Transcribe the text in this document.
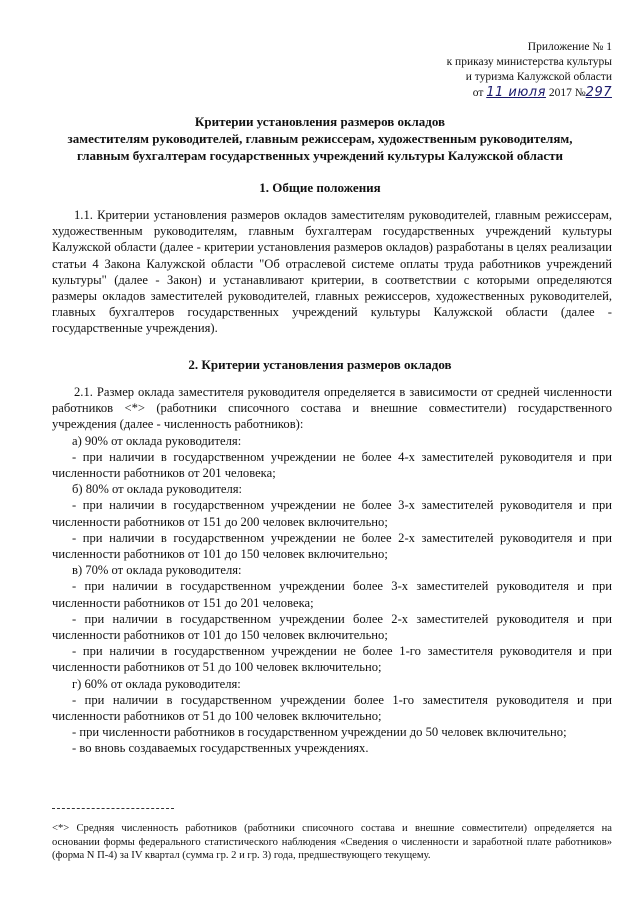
Приложение № 1
к приказу министерства культуры
и туризма Калужской области
от 11 июля 2017 №297
Критерии установления размеров окладов
заместителям руководителей, главным режиссерам, художественным руководителям,
главным бухгалтерам государственных учреждений культуры Калужской области
1. Общие положения

1.1. Критерии установления размеров окладов заместителям руководителей, главным режиссерам, художественным руководителям, главным бухгалтерам государственных учреждений культуры Калужской области (далее - критерии установления размеров окладов) разработаны в целях реализации статьи 4 Закона Калужской области "Об отраслевой системе оплаты труда работников учреждений культуры" (далее - Закон) и устанавливают критерии, в соответствии с которыми определяются размеры окладов заместителей руководителей, главных режиссеров, художественных руководителей, главных бухгалтеров государственных учреждений культуры Калужской области (далее - государственные учреждения).

2. Критерии установления размеров окладов

2.1. Размер оклада заместителя руководителя определяется в зависимости от средней численности работников <*> (работники списочного состава и внешние совместители) государственного учреждения (далее - численность работников):

а) 90% от оклада руководителя:

- при наличии в государственном учреждении не более 4-х заместителей руководителя и при численности работников от 201 человека;

б) 80% от оклада руководителя:

- при наличии в государственном учреждении не более 3-х заместителей руководителя и при численности работников от 151 до 200 человек включительно;

- при наличии в государственном учреждении не более 2-х заместителей руководителя и при численности работников от 101 до 150 человек включительно;

в) 70% от оклада руководителя:

- при наличии в государственном учреждении более 3-х заместителей руководителя и при численности работников от 151 до 201 человека;

- при наличии в государственном учреждении более 2-х заместителей руководителя и при численности работников от 101 до 150 человек включительно;

- при наличии в государственном учреждении не более 1-го заместителя руководителя и при численности работников от 51 до 100 человек включительно;

г) 60% от оклада руководителя:

- при наличии в государственном учреждении более 1-го заместителя руководителя и при численности работников от 51 до 100 человек включительно;

- при численности работников в государственном учреждении до 50 человек включительно;

- во вновь создаваемых государственных учреждениях.

<*> Средняя численность работников (работники списочного состава и внешние совместители) определяется на основании формы федерального статистического наблюдения «Сведения о численности и заработной плате работников» (форма N П-4) за IV квартал (сумма гр. 2 и гр. 3) года, предшествующего текущему.
